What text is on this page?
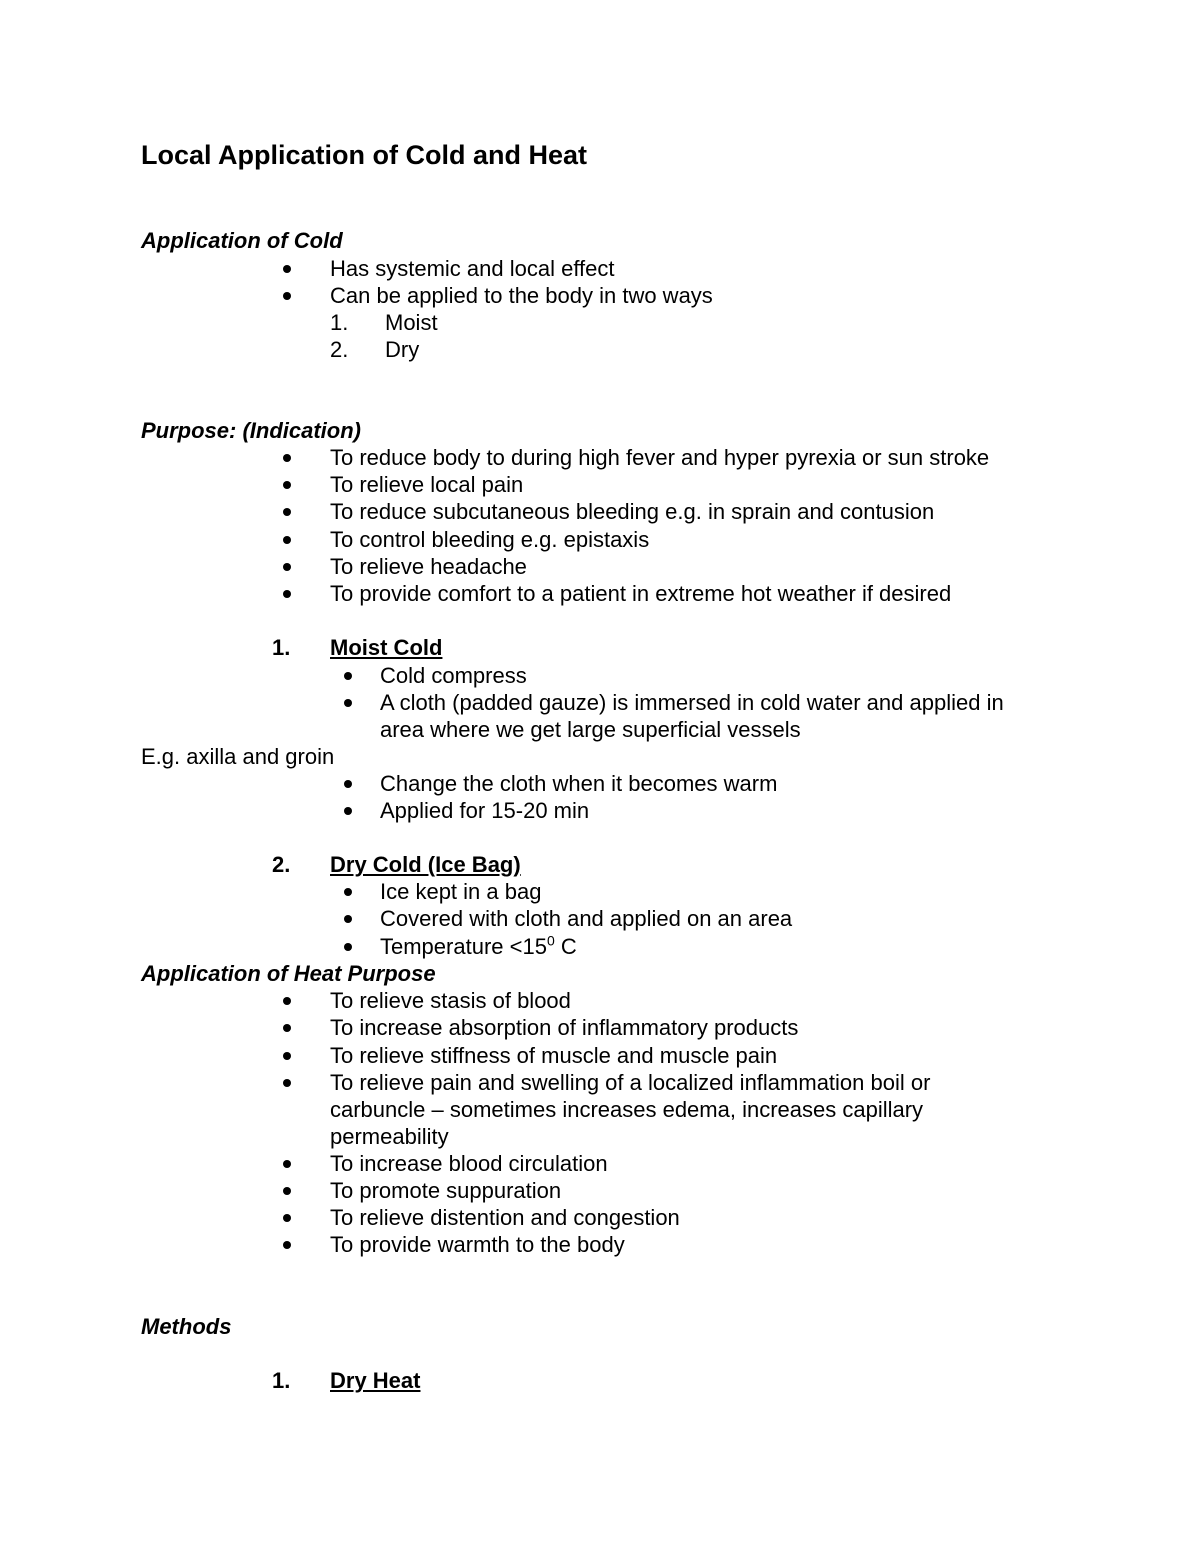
Local Application of Cold and Heat
Application of Cold
Has systemic and local effect
Can be applied to the body in two ways
1. Moist
2. Dry
Purpose: (Indication)
To reduce body to during high fever and hyper pyrexia or sun stroke
To relieve local pain
To reduce subcutaneous bleeding e.g. in sprain and contusion
To control bleeding e.g. epistaxis
To relieve headache
To provide comfort to a patient in extreme hot weather if desired
1. Moist Cold
Cold compress
A cloth (padded gauze) is immersed in cold water and applied in
area where we get large superficial vessels
E.g. axilla and groin
Change the cloth when it becomes warm
Applied for 15-20 min
2. Dry Cold (Ice Bag)
Ice kept in a bag
Covered with cloth and applied on an area
Temperature $<15^0$ C
Application of Heat Purpose
To relieve stasis of blood
To increase absorption of inflammatory products
To relieve stiffness of muscle and muscle pain
To relieve pain and swelling of a localized inflammation boil or
carbuncle – sometimes increases edema, increases capillary
permeability
To increase blood circulation
To promote suppuration
To relieve distention and congestion
To provide warmth to the body
Methods
1. Dry Heat
